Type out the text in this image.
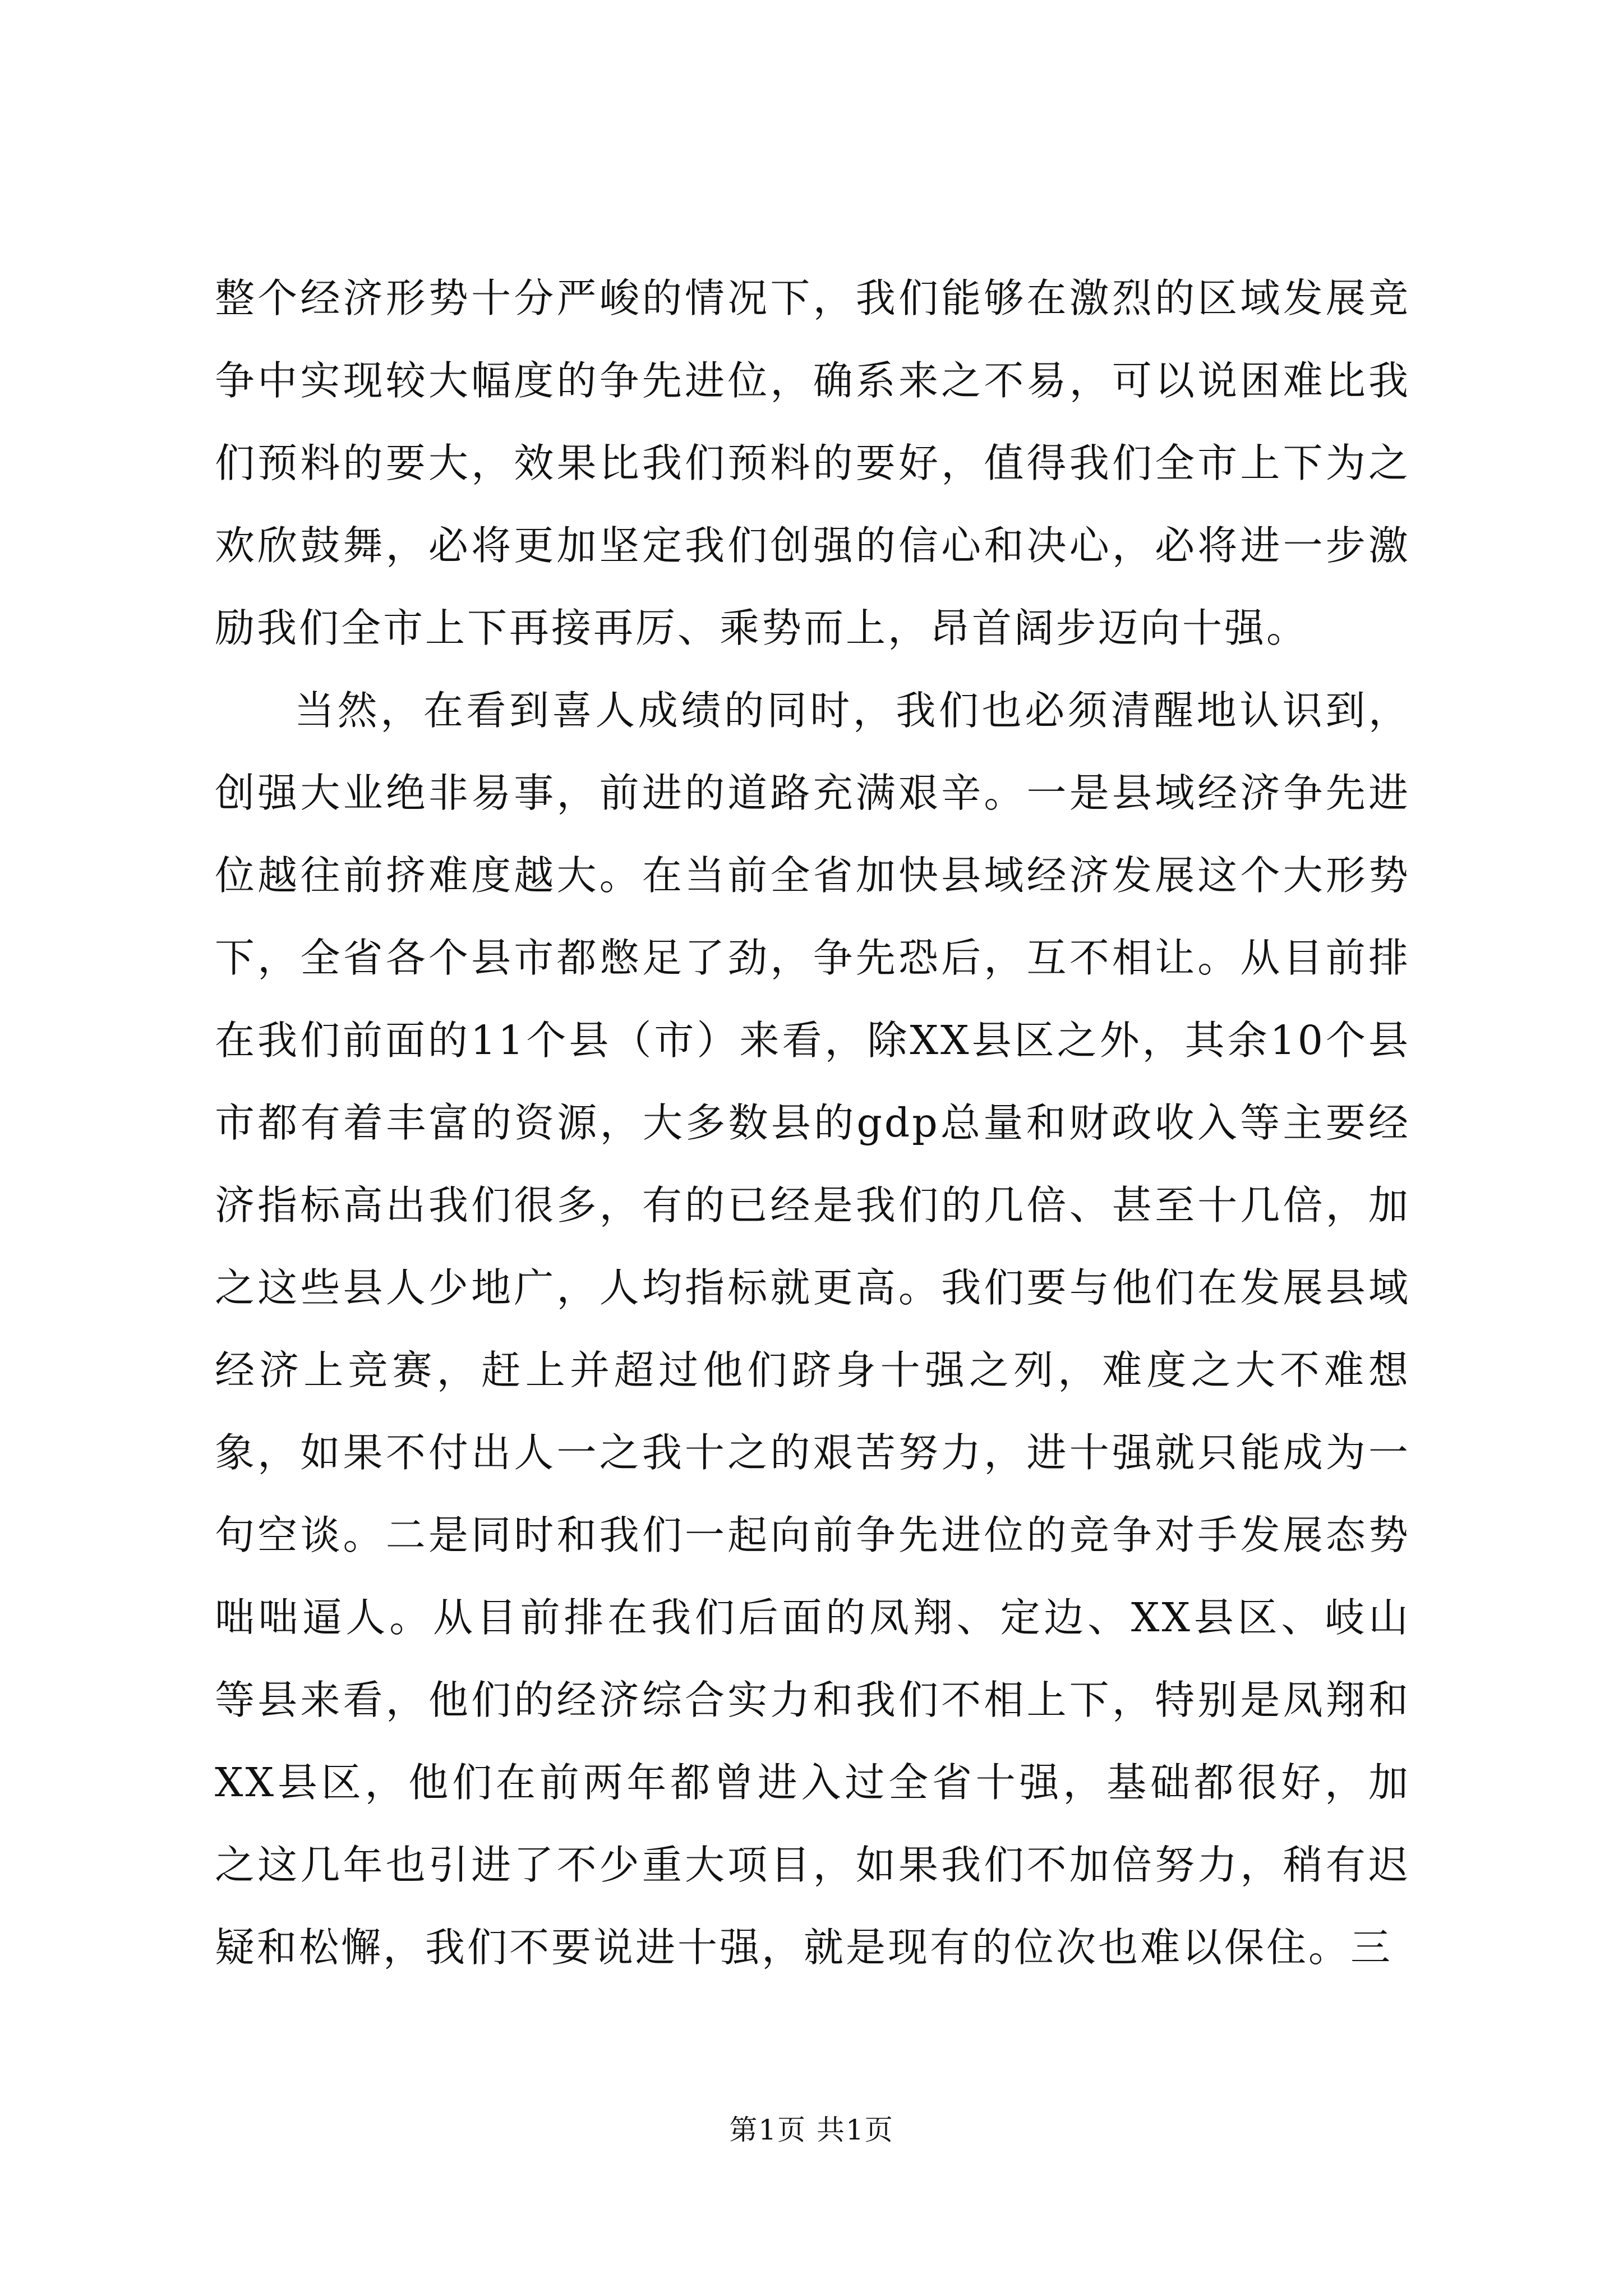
整个经济形势十分严峻的情况下，我们能够在激烈的区域发展竞争中实现较大幅度的争先进位，确系来之不易，可以说困难比我们预料的要大，效果比我们预料的要好，值得我们全市上下为之欢欣鼓舞，必将更加坚定我们创强的信心和决心，必将进一步激励我们全市上下再接再厉、乘势而上，昂首阔步迈向十强。

当然，在看到喜人成绩的同时，我们也必须清醒地认识到，创强大业绝非易事，前进的道路充满艰辛。一是县域经济争先进位越往前挤难度越大。在当前全省加快县域经济发展这个大形势下，全省各个县市都憋足了劲，争先恐后，互不相让。从目前排在我们前面的11个县（市）来看，除XX县区之外，其余10个县市都有着丰富的资源，大多数县的gdp总量和财政收入等主要经济指标高出我们很多，有的已经是我们的几倍、甚至十几倍，加之这些县人少地广，人均指标就更高。我们要与他们在发展县域经济上竞赛，赶上并超过他们跻身十强之列，难度之大不难想象，如果不付出人一之我十之的艰苦努力，进十强就只能成为一句空谈。二是同时和我们一起向前争先进位的竞争对手发展态势咄咄逼人。从目前排在我们后面的凤翔、定边、XX县区、岐山等县来看，他们的经济综合实力和我们不相上下，特别是凤翔和XX县区，他们在前两年都曾进入过全省十强，基础都很好，加之这几年也引进了不少重大项目，如果我们不加倍努力，稍有迟疑和松懈，我们不要说进十强，就是现有的位次也难以保住。三

第1页 共1页
